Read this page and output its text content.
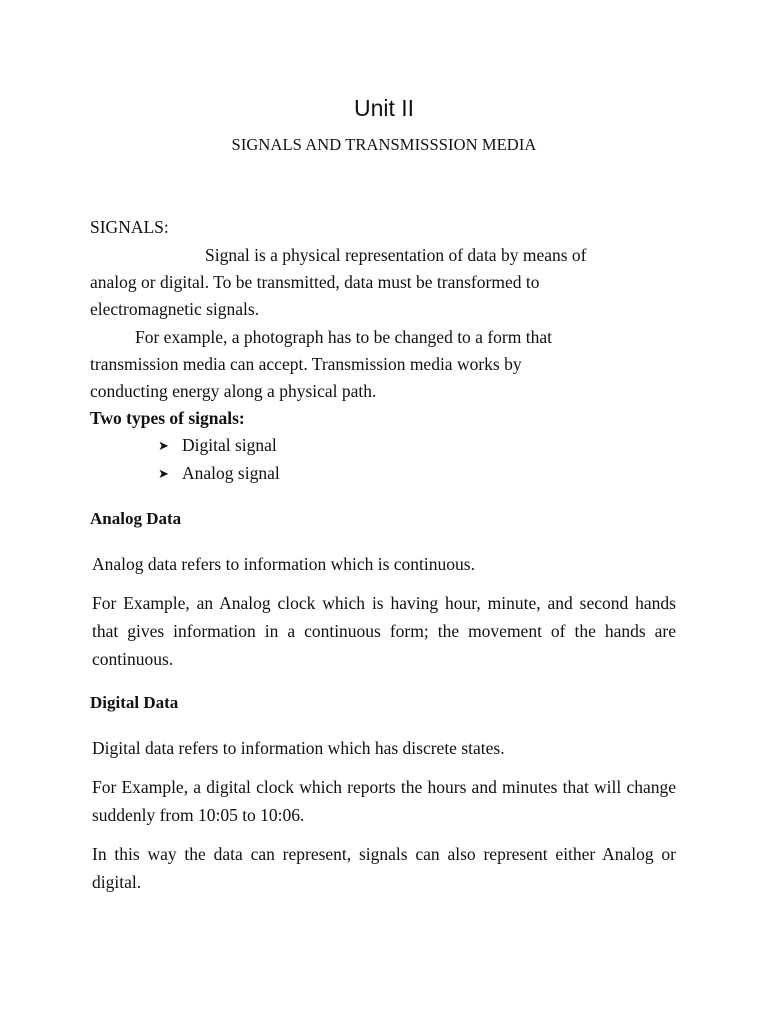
Unit II
SIGNALS AND TRANSMISSSION MEDIA
SIGNALS:
Signal is a physical representation of data by means of
analog or digital. To be transmitted, data must be transformed to
electromagnetic signals.
For example, a photograph has to be changed to a form that
transmission media can accept. Transmission media works by
conducting energy along a physical path.
Two types of signals:
➤ Digital signal
➤ Analog signal
Analog Data

Analog data refers to information which is continuous.

For Example, an Analog clock which is having hour, minute, and second hands that gives information in a continuous form; the movement of the hands are continuous.

Digital Data

Digital data refers to information which has discrete states.

For Example, a digital clock which reports the hours and minutes that will change suddenly from 10:05 to 10:06.

In this way the data can represent, signals can also represent either Analog or digital.
